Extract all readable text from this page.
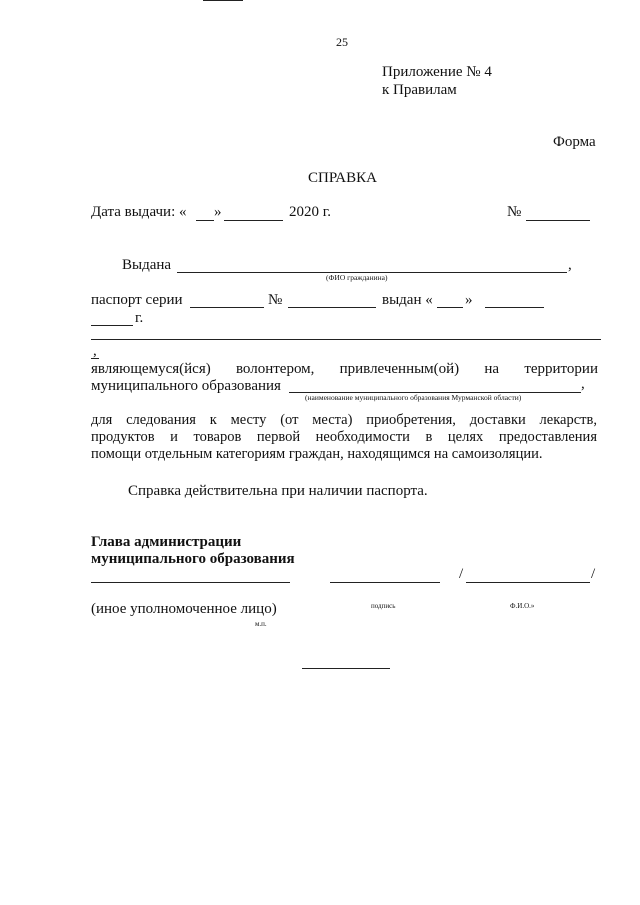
25
Приложение № 4
к Правилам
Форма
СПРАВКА
Дата выдачи: « »	2020 г.	№
Выдана	,
(ФИО гражданина)
паспорт серии	№	выдан « »
г.
,
являющемуся(йся) волонтером, привлеченным(ой) на территории
муниципального образования	,
(наименование муниципального образования Мурманской области)
для следования к месту (от места) приобретения, доставки лекарств,
продуктов и товаров первой необходимости в целях предоставления
помощи отдельным категориям граждан, находящимся на самоизоляции.
Справка действительна при наличии паспорта.
Глава администрации
муниципального образования
/	/
(иное уполномоченное лицо)	подпись	Ф.И.О.»
м.п.
